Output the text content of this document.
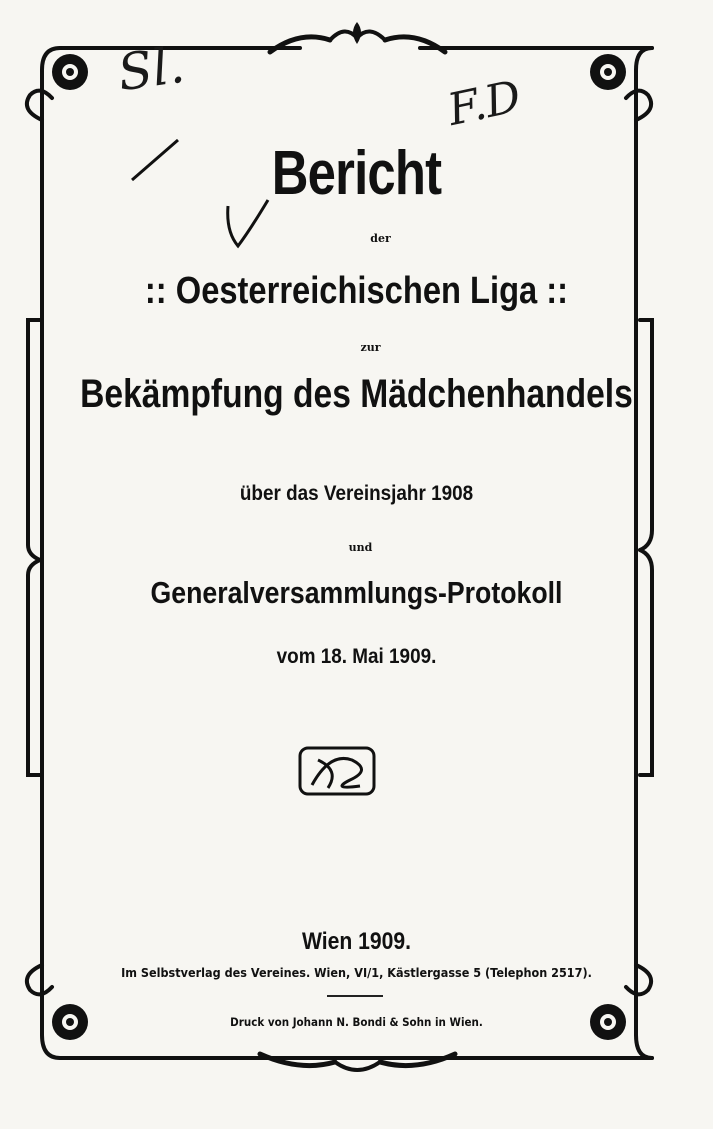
Sl.
F.D
Bericht
der
:: Oesterreichischen Liga ::
zur
Bekämpfung des Mädchenhandels
über das Vereinsjahr 1908
und
Generalversammlungs-Protokoll
vom 18. Mai 1909.
Wien 1909.
Im Selbstverlag des Vereines. Wien, VI/1, Kästlergasse 5 (Telephon 2517).
Druck von Johann N. Bondi & Sohn in Wien.
